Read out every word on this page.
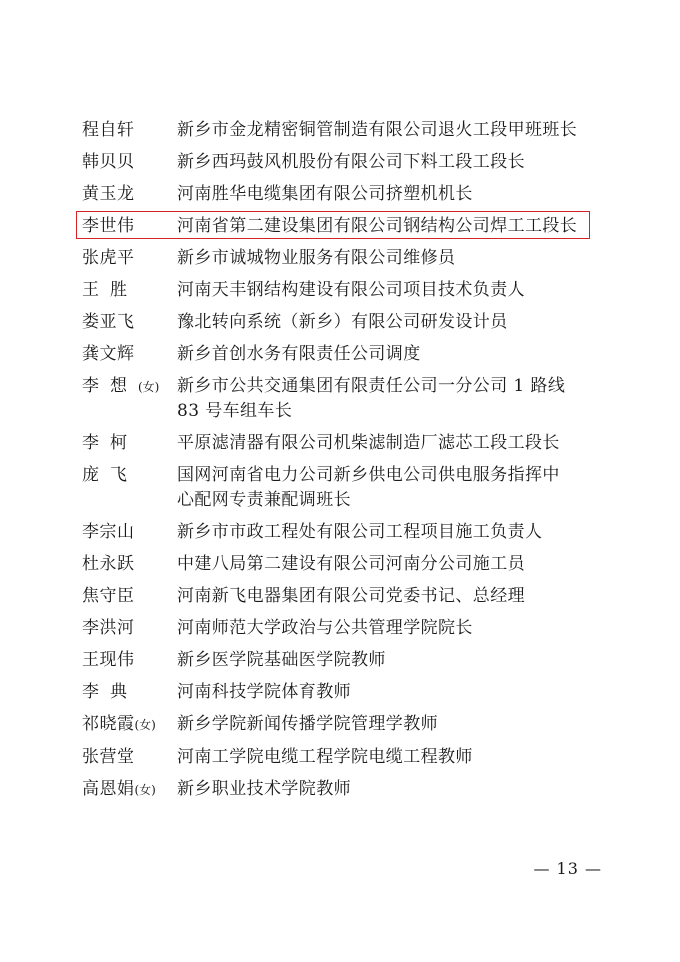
程自轩	新乡市金龙精密铜管制造有限公司退火工段甲班班长
韩贝贝	新乡西玛鼓风机股份有限公司下料工段工段长
黄玉龙	河南胜华电缆集团有限公司挤塑机机长
李世伟	河南省第二建设集团有限公司钢结构公司焊工工段长
张虎平	新乡市诚城物业服务有限公司维修员
王胜	河南天丰钢结构建设有限公司项目技术负责人
娄亚飞	豫北转向系统（新乡）有限公司研发设计员
龚文辉	新乡首创水务有限责任公司调度
李想(女)	新乡市公共交通集团有限责任公司一分公司 1 路线
83 号车组车长
李柯	平原滤清器有限公司机柴滤制造厂滤芯工段工段长
庞飞	国网河南省电力公司新乡供电公司供电服务指挥中
心配网专责兼配调班长
李宗山	新乡市市政工程处有限公司工程项目施工负责人
杜永跃	中建八局第二建设有限公司河南分公司施工员
焦守臣	河南新飞电器集团有限公司党委书记、总经理
李洪河	河南师范大学政治与公共管理学院院长
王现伟	新乡医学院基础医学院教师
李典	河南科技学院体育教师
祁晓霞(女)	新乡学院新闻传播学院管理学教师
张营堂	河南工学院电缆工程学院电缆工程教师
高恩娟(女)	新乡职业技术学院教师
— 13 —
